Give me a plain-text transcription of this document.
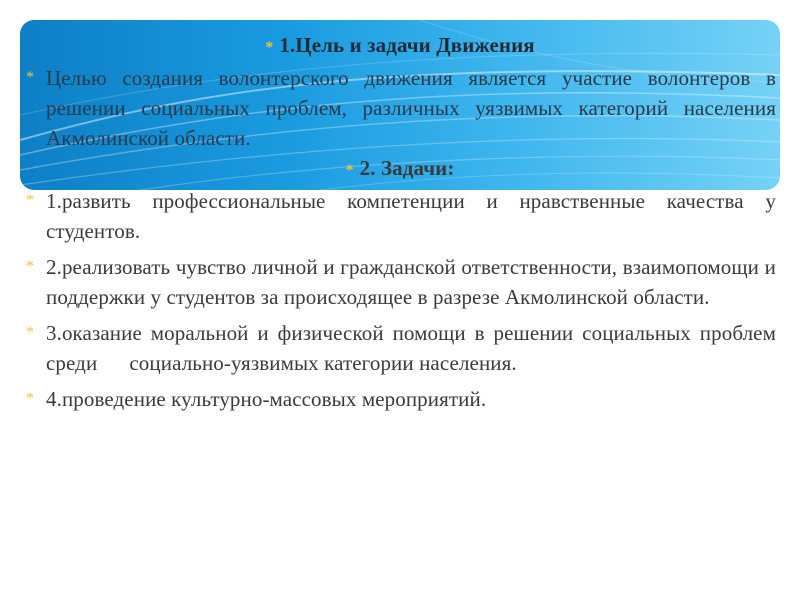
* 1.Цель и задачи Движения
* Целью создания волонтерского движения является участие волонтеров в решении социальных проблем, различных уязвимых категорий населения Акмолинской области.
* 2. Задачи:
* 1.развить профессиональные компетенции и нравственные качества у студентов.
* 2.реализовать чувство личной и гражданской ответственности, взаимопомощи и поддержки у студентов за происходящее в разрезе Акмолинской области.
* 3.оказание моральной и физической помощи в решении социальных проблем среди      социально-уязвимых категории населения.
* 4.проведение культурно-массовых мероприятий.
